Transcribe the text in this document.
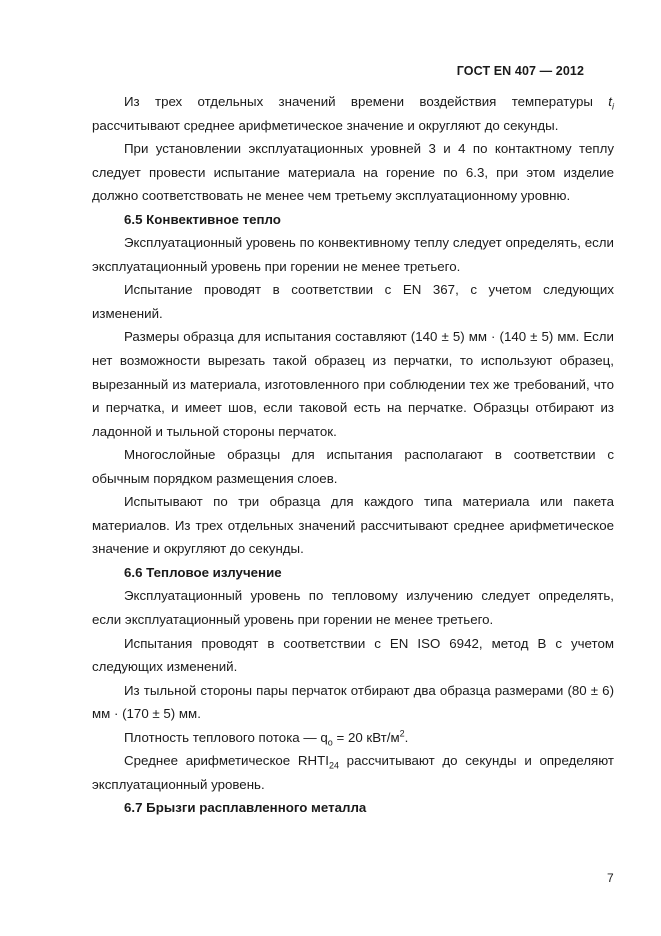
ГОСТ EN 407 — 2012

Из трех отдельных значений времени воздействия температуры $t_i$ рассчитывают среднее арифметическое значение и округляют до секунды.

При установлении эксплуатационных уровней 3 и 4 по контактному теплу следует провести испытание материала на горение по 6.3, при этом изделие должно соответствовать не менее чем третьему эксплуатационному уровню.

6.5 Конвективное тепло

Эксплуатационный уровень по конвективному теплу следует определять, если эксплуатационный уровень при горении не менее третьего.

Испытание проводят в соответствии с EN 367, с учетом следующих изменений.

Размеры образца для испытания составляют (140 ± 5) мм · (140 ± 5) мм. Если нет возможности вырезать такой образец из перчатки, то используют образец, вырезанный из материала, изготовленного при соблюдении тех же требований, что и перчатка, и имеет шов, если таковой есть на перчатке. Образцы отбирают из ладонной и тыльной стороны перчаток.

Многослойные образцы для испытания располагают в соответствии с обычным порядком размещения слоев.

Испытывают по три образца для каждого типа материала или пакета материалов. Из трех отдельных значений рассчитывают среднее арифметическое значение и округляют до секунды.

6.6 Тепловое излучение

Эксплуатационный уровень по тепловому излучению следует определять, если эксплуатационный уровень при горении не менее третьего.

Испытания проводят в соответствии с EN ISO 6942, метод В с учетом следующих изменений.

Из тыльной стороны пары перчаток отбирают два образца размерами (80 ± 6) мм · (170 ± 5) мм.

Плотность теплового потока — $q_o = 20$ кВт/$м^2$.

Среднее арифметическое $RHTI_{24}$ рассчитывают до секунды и определяют эксплуатационный уровень.

6.7 Брызги расплавленного металла

7
